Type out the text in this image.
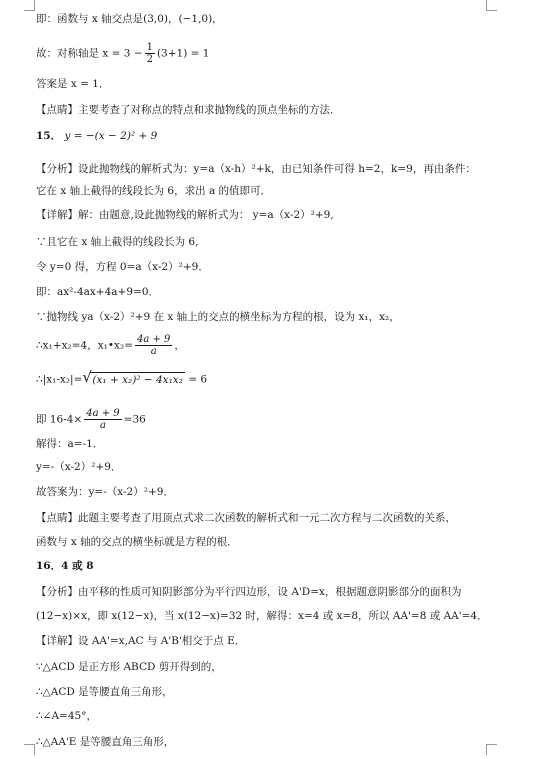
即：函数与 x 轴交点是(3,0)，(−1,0)，
故：对称轴是 $x = 3 - \frac{1}{2} (3+1) = 1$
答案是 x = 1．
【点睛】主要考查了对称点的特点和求抛物线的顶点坐标的方法．
15． y = −(x − 2)² + 9
【分析】设此抛物线的解析式为：y=a（x-h）²+k，由已知条件可得 h=2，k=9，再由条件：
它在 x 轴上截得的线段长为 6，求出 a 的值即可．
【详解】解：由题意,设此抛物线的解析式为： y=a（x-2）²+9,
∵且它在 x 轴上截得的线段长为 6,
令 y=0 得，方程 0=a（x-2）²+9．
即：ax²-4ax+4a+9=0．
∵抛物线 ya（x-2）²+9 在 x 轴上的交点的横坐标为方程的根，设为 x₁，x₂，
∴x₁+x₂=4，x₁•x₂= $\frac{4a + 9}{a}$ ，
∴|x₁-x₂|= √ (x₁ + x₂)² − 4x₁x₂ = 6
即 $16-4\times \frac{4a + 9}{a} =36$
解得：a=-1．
y=-（x-2）²+9．
故答案为：y=-（x-2）²+9．
【点睛】此题主要考查了用顶点式求二次函数的解析式和一元二次方程与二次函数的关系，
函数与 x 轴的交点的横坐标就是方程的根．
16．4 或 8
【分析】由平移的性质可知阴影部分为平行四边形，设 A'D=x，根据题意阴影部分的面积为
(12−x)×x，即 x(12−x)，当 x(12−x)=32 时，解得：x=4 或 x=8，所以 AA'=8 或 AA'=4．
【详解】设 AA'=x,AC 与 A'B'相交于点 E．
∵△ACD 是正方形 ABCD 剪开得到的，
∴△ACD 是等腰直角三角形，
∴∠A=45°，
∴△AA'E 是等腰直角三角形，
